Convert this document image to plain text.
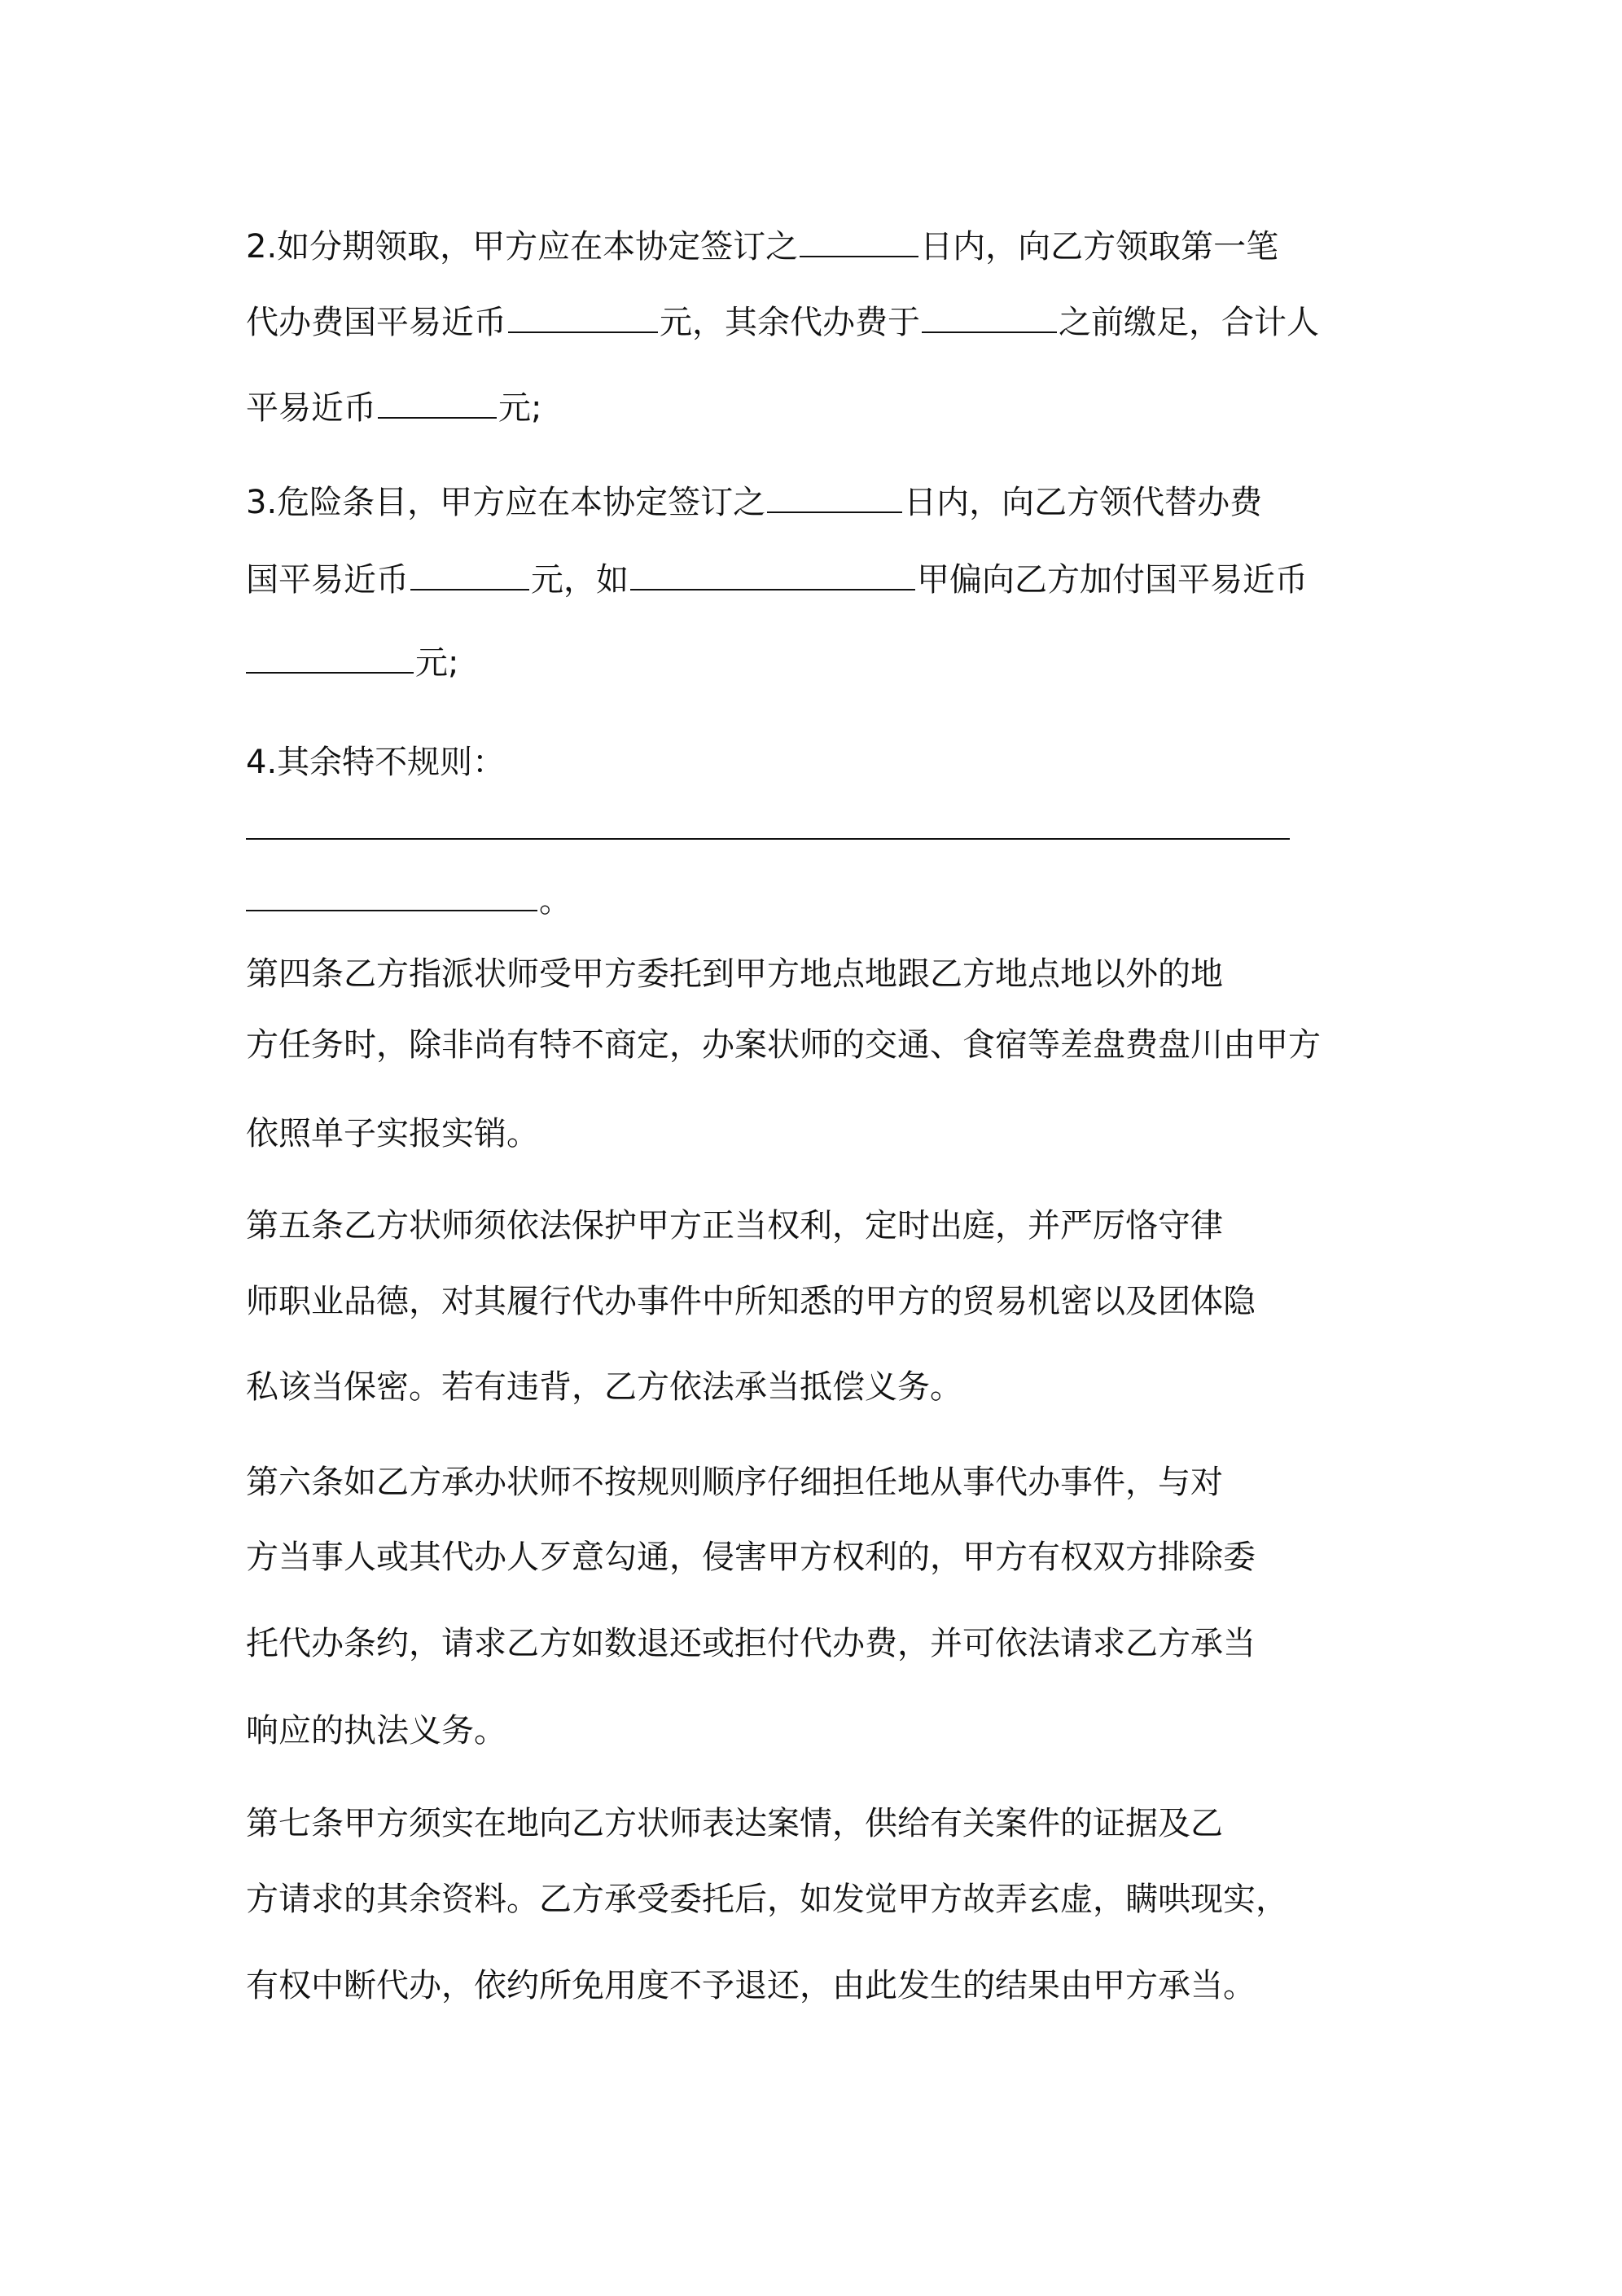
2.如分期领取，甲方应在本协定签订之	日内，向乙方领取第一笔
代办费国平易近币	元，其余代办费于	之前缴足，合计人
平易近币	元;
3.危险条目，甲方应在本协定签订之	日内，向乙方领代替办费
国平易近币	元，如	甲偏向乙方加付国平易近币
元;
4.其余特不规则：
。
第四条乙方指派状师受甲方委托到甲方地点地跟乙方地点地以外的地
方任务时，除非尚有特不商定，办案状师的交通、食宿等差盘费盘川由甲方
依照单子实报实销。
第五条乙方状师须依法保护甲方正当权利，定时出庭，并严厉恪守律
师职业品德，对其履行代办事件中所知悉的甲方的贸易机密以及团体隐
私该当保密。若有违背，乙方依法承当抵偿义务。
第六条如乙方承办状师不按规则顺序仔细担任地从事代办事件，与对
方当事人或其代办人歹意勾通，侵害甲方权利的，甲方有权双方排除委
托代办条约，请求乙方如数退还或拒付代办费，并可依法请求乙方承当
响应的执法义务。
第七条甲方须实在地向乙方状师表达案情，供给有关案件的证据及乙
方请求的其余资料。乙方承受委托后，如发觉甲方故弄玄虚，瞒哄现实，
有权中断代办，依约所免用度不予退还，由此发生的结果由甲方承当。
